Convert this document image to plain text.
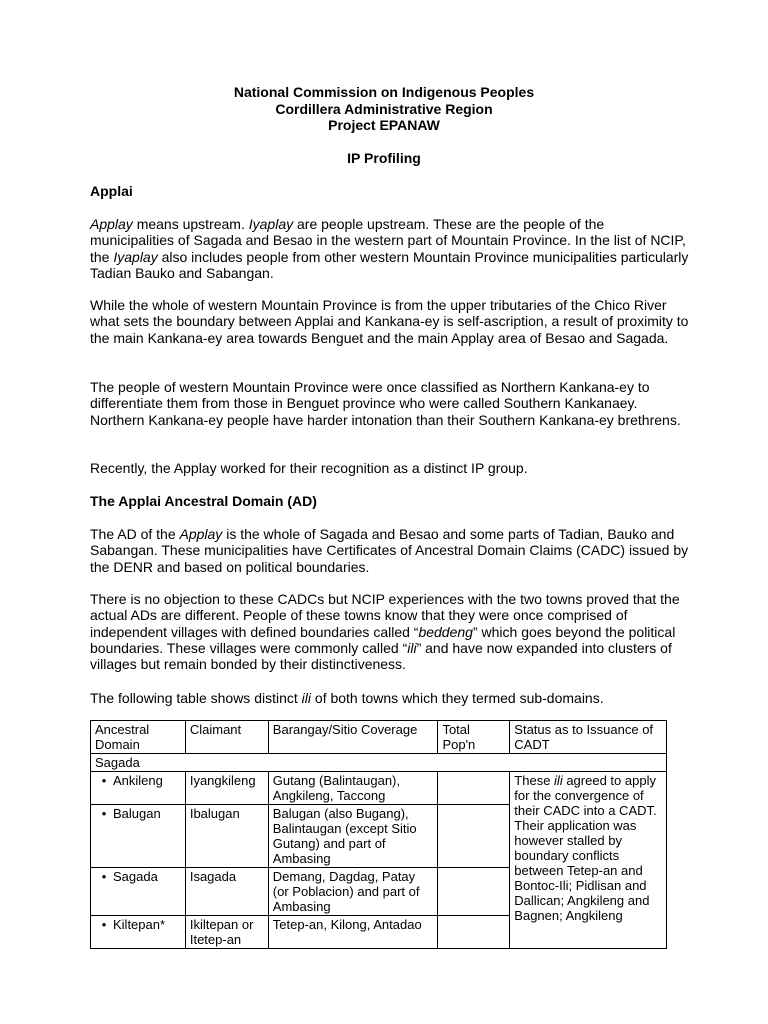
National Commission on Indigenous Peoples
Cordillera Administrative Region
Project EPANAW
IP Profiling
Applai

Applay means upstream. Iyaplay are people upstream. These are the people of the municipalities of Sagada and Besao in the western part of Mountain Province. In the list of NCIP, the Iyaplay also includes people from other western Mountain Province municipalities particularly Tadian Bauko and Sabangan.

While the whole of western Mountain Province is from the upper tributaries of the Chico River what sets the boundary between Applai and Kankana-ey is self-ascription, a result of proximity to the main Kankana-ey area towards Benguet and the main Applay area of Besao and Sagada.

The people of western Mountain Province were once classified as Northern Kankana-ey to differentiate them from those in Benguet province who were called Southern Kankanaey. Northern Kankana-ey people have harder intonation than their Southern Kankana-ey brethrens.

Recently, the Applay worked for their recognition as a distinct IP group.

The Applai Ancestral Domain (AD)

The AD of the Applay is the whole of Sagada and Besao and some parts of Tadian, Bauko and Sabangan. These municipalities have Certificates of Ancestral Domain Claims (CADC) issued by the DENR and based on political boundaries.

There is no objection to these CADCs but NCIP experiences with the two towns proved that the actual ADs are different. People of these towns know that they were once comprised of independent villages with defined boundaries called “beddeng” which goes beyond the political boundaries. These villages were commonly called “ili” and have now expanded into clusters of villages but remain bonded by their distinctiveness.

The following table shows distinct ili of both towns which they termed sub-domains.

Ancestral Domain	Claimant	Barangay/Sitio Coverage	Total Pop'n	Status as to Issuance of CADT
Sagada				
• Ankileng	Iyangkileng	Gutang (Balintaugan), Angkileng, Taccong		These ili agreed to apply for the convergence of their CADC into a CADT. Their application was however stalled by boundary conflicts between Tetep-an and Bontoc-Ili; Pidlisan and Dallican; Angkileng and Bagnen; Angkileng
• Balugan	Ibalugan	Balugan (also Bugang), Balintaugan (except Sitio Gutang) and part of Ambasing		
• Sagada	Isagada	Demang, Dagdag, Patay (or Poblacion) and part of Ambasing		
• Kiltepan*	Ikiltepan or Itetep-an	Tetep-an, Kilong, Antadao		
